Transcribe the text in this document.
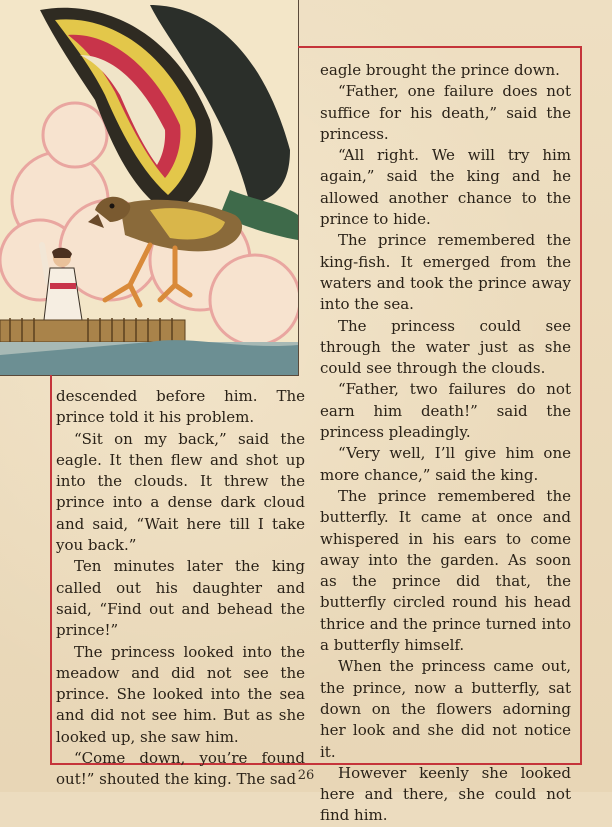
descended before him. The prince told it his problem.

“Sit on my back,” said the eagle. It then flew and shot up into the clouds. It threw the prince into a dense dark cloud and said, “Wait here till I take you back.”

Ten minutes later the king called out his daughter and said, “Find out and behead the prince!”

The princess looked into the meadow and did not see the prince. She looked into the sea and did not see him. But as she looked up, she saw him.

“Come down, you’re found out!” shouted the king. The sad

eagle brought the prince down.

“Father, one failure does not suffice for his death,” said the princess.

“All right. We will try him again,” said the king and he allowed another chance to the prince to hide.

The prince remembered the king-fish. It emerged from the waters and took the prince away into the sea.

The princess could see through the water just as she could see through the clouds.

“Father, two failures do not earn him death!” said the princess pleadingly.

“Very well, I’ll give him one more chance,” said the king.

The prince remembered the butterfly. It came at once and whispered in his ears to come away into the garden. As soon as the prince did that, the butterfly circled round his head thrice and the prince turned into a butterfly himself.

When the princess came out, the prince, now a butterfly, sat down on the flowers adorning her look and she did not notice it.

However keenly she looked here and there, she could not find him.

26
